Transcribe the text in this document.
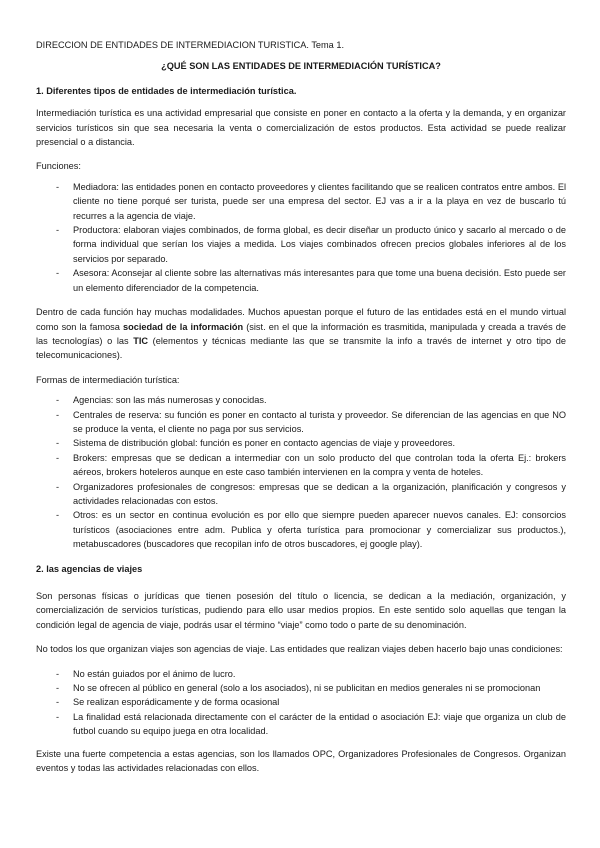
DIRECCION DE ENTIDADES DE INTERMEDIACION TURISTICA. Tema 1.
¿QUÉ SON LAS ENTIDADES DE INTERMEDIACIÓN TURÍSTICA?
1. Diferentes tipos de entidades de intermediación turística.

Intermediación turística es una actividad empresarial que consiste en poner en contacto a la oferta y la demanda, y en organizar servicios turísticos sin que sea necesaria la venta o comercialización de estos productos. Esta actividad se puede realizar presencial o a distancia.

Funciones:

- Mediadora: las entidades ponen en contacto proveedores y clientes facilitando que se realicen contratos entre ambos. El cliente no tiene porqué ser turista, puede ser una empresa del sector. EJ vas a ir a la playa en vez de buscarlo tú recurres a la agencia de viaje.
- Productora: elaboran viajes combinados, de forma global, es decir diseñar un producto único y sacarlo al mercado o de forma individual que serían los viajes a medida. Los viajes combinados ofrecen precios globales inferiores al de los servicios por separado.
- Asesora: Aconsejar al cliente sobre las alternativas más interesantes para que tome una buena decisión. Esto puede ser un elemento diferenciador de la competencia.

Dentro de cada función hay muchas modalidades. Muchos apuestan porque el futuro de las entidades está en el mundo virtual como son la famosa sociedad de la información (sist. en el que la información es trasmitida, manipulada y creada a través de las tecnologías) o las TIC (elementos y técnicas mediante las que se transmite la info a través de internet y otro tipo de telecomunicaciones).

Formas de intermediación turística:

- Agencias: son las más numerosas y conocidas.
- Centrales de reserva: su función es poner en contacto al turista y proveedor. Se diferencian de las agencias en que NO se produce la venta, el cliente no paga por sus servicios.
- Sistema de distribución global: función es poner en contacto agencias de viaje y proveedores.
- Brokers: empresas que se dedican a intermediar con un solo producto del que controlan toda la oferta Ej.: brokers aéreos, brokers hoteleros aunque en este caso también intervienen en la compra y venta de hoteles.
- Organizadores profesionales de congresos: empresas que se dedican a la organización, planificación y congresos y actividades relacionadas con estos.
- Otros: es un sector en continua evolución es por ello que siempre pueden aparecer nuevos canales. EJ: consorcios turísticos (asociaciones entre adm. Publica y oferta turística para promocionar y comercializar sus productos.), metabuscadores (buscadores que recopilan info de otros buscadores, ej google play).
2. las agencias de viajes

Son personas físicas o jurídicas que tienen posesión del título o licencia, se dedican a la mediación, organización, y comercialización de servicios turísticas, pudiendo para ello usar medios propios. En este sentido solo aquellas que tengan la condición legal de agencia de viaje, podrás usar el término “viaje” como todo o parte de su denominación.

No todos los que organizan viajes son agencias de viaje. Las entidades que realizan viajes deben hacerlo bajo unas condiciones:

- No están guiados por el ánimo de lucro.
- No se ofrecen al público en general (solo a los asociados), ni se publicitan en medios generales ni se promocionan
- Se realizan esporádicamente y de forma ocasional
- La finalidad está relacionada directamente con el carácter de la entidad o asociación EJ: viaje que organiza un club de futbol cuando su equipo juega en otra localidad.

Existe una fuerte competencia a estas agencias, son los llamados OPC, Organizadores Profesionales de Congresos. Organizan eventos y todas las actividades relacionadas con ellos.
